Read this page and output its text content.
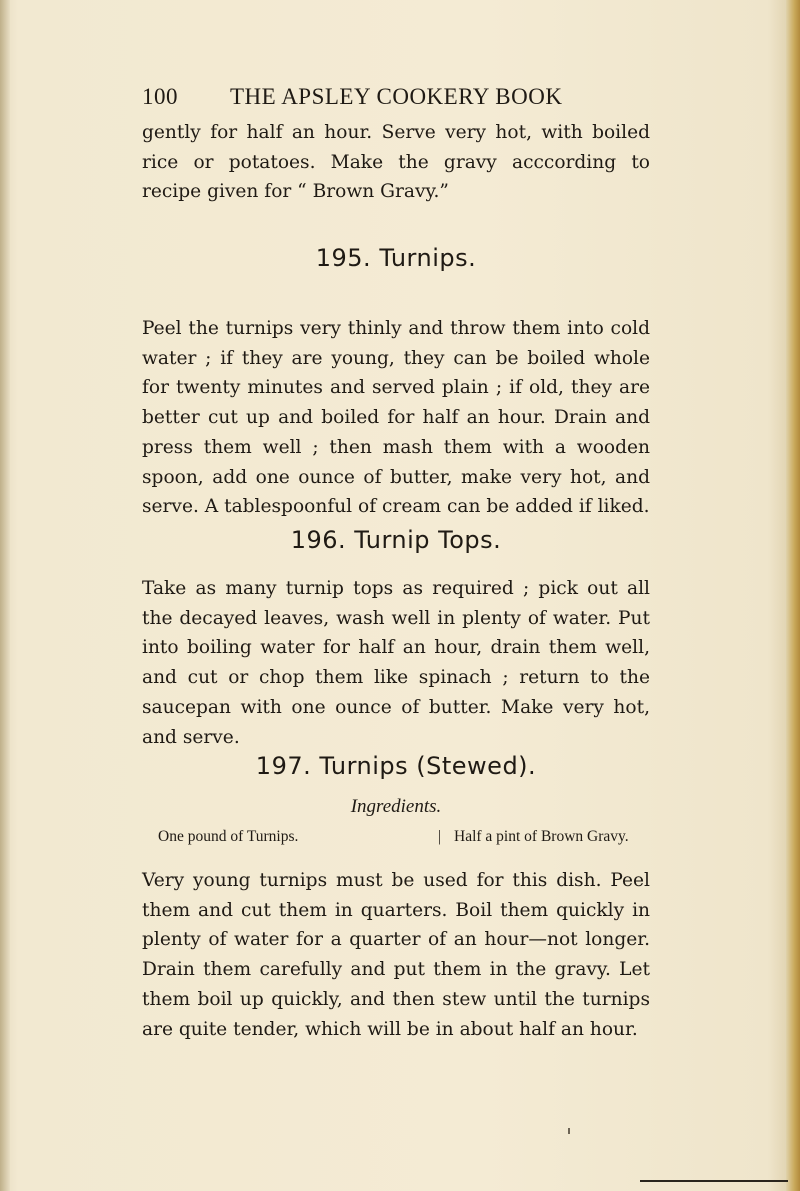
100 THE APSLEY COOKERY BOOK
gently for half an hour. Serve very hot, with boiled rice or potatoes. Make the gravy acccording to recipe given for “ Brown Gravy.”
195. Turnips.
Peel the turnips very thinly and throw them into cold water ; if they are young, they can be boiled whole for twenty minutes and served plain ; if old, they are better cut up and boiled for half an hour. Drain and press them well ; then mash them with a wooden spoon, add one ounce of butter, make very hot, and serve. A tablespoonful of cream can be added if liked.
196. Turnip Tops.
Take as many turnip tops as required ; pick out all the decayed leaves, wash well in plenty of water. Put into boiling water for half an hour, drain them well, and cut or chop them like spinach ; return to the saucepan with one ounce of butter. Make very hot, and serve.
197. Turnips (Stewed).
Ingredients.
One pound of Turnips.	| Half a pint of Brown Gravy.
Very young turnips must be used for this dish. Peel them and cut them in quarters. Boil them quickly in plenty of water for a quarter of an hour—not longer. Drain them carefully and put them in the gravy. Let them boil up quickly, and then stew until the turnips are quite tender, which will be in about half an hour.
